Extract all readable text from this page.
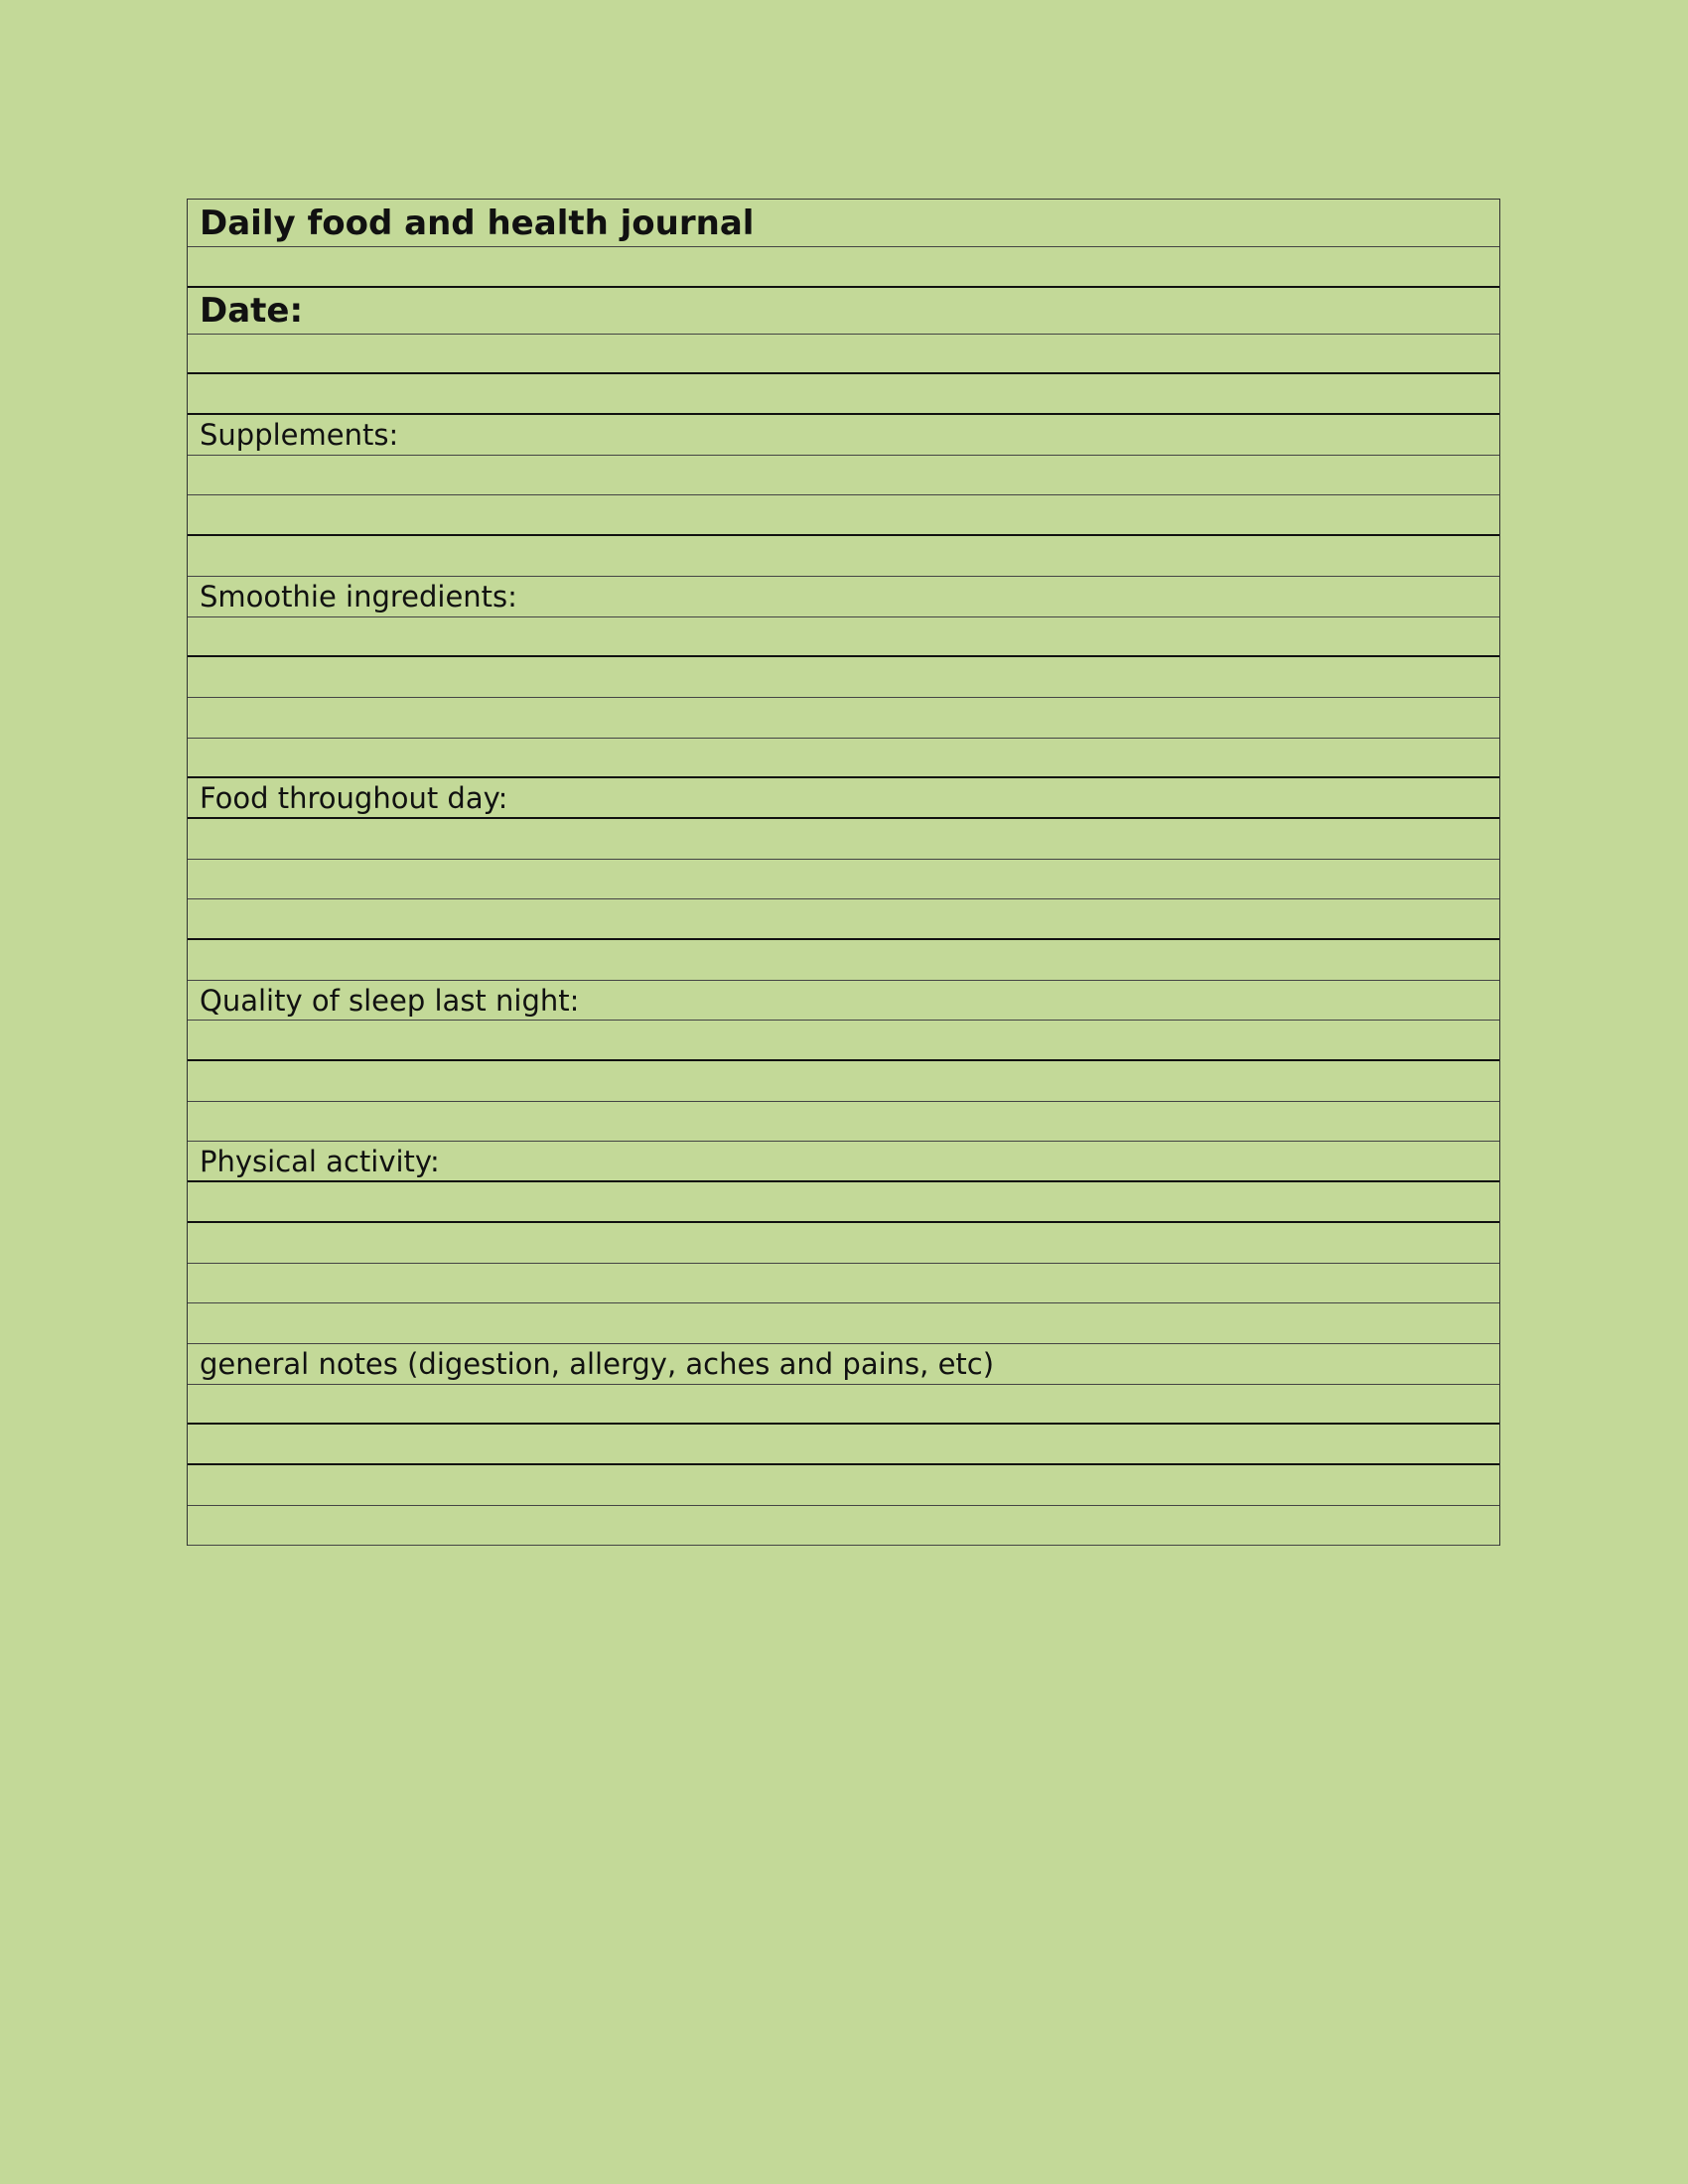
Daily food and health journal
Date:
Supplements:
Smoothie ingredients:
Food throughout day:
Quality of sleep last night:
Physical activity:
general notes (digestion, allergy, aches and pains, etc)
